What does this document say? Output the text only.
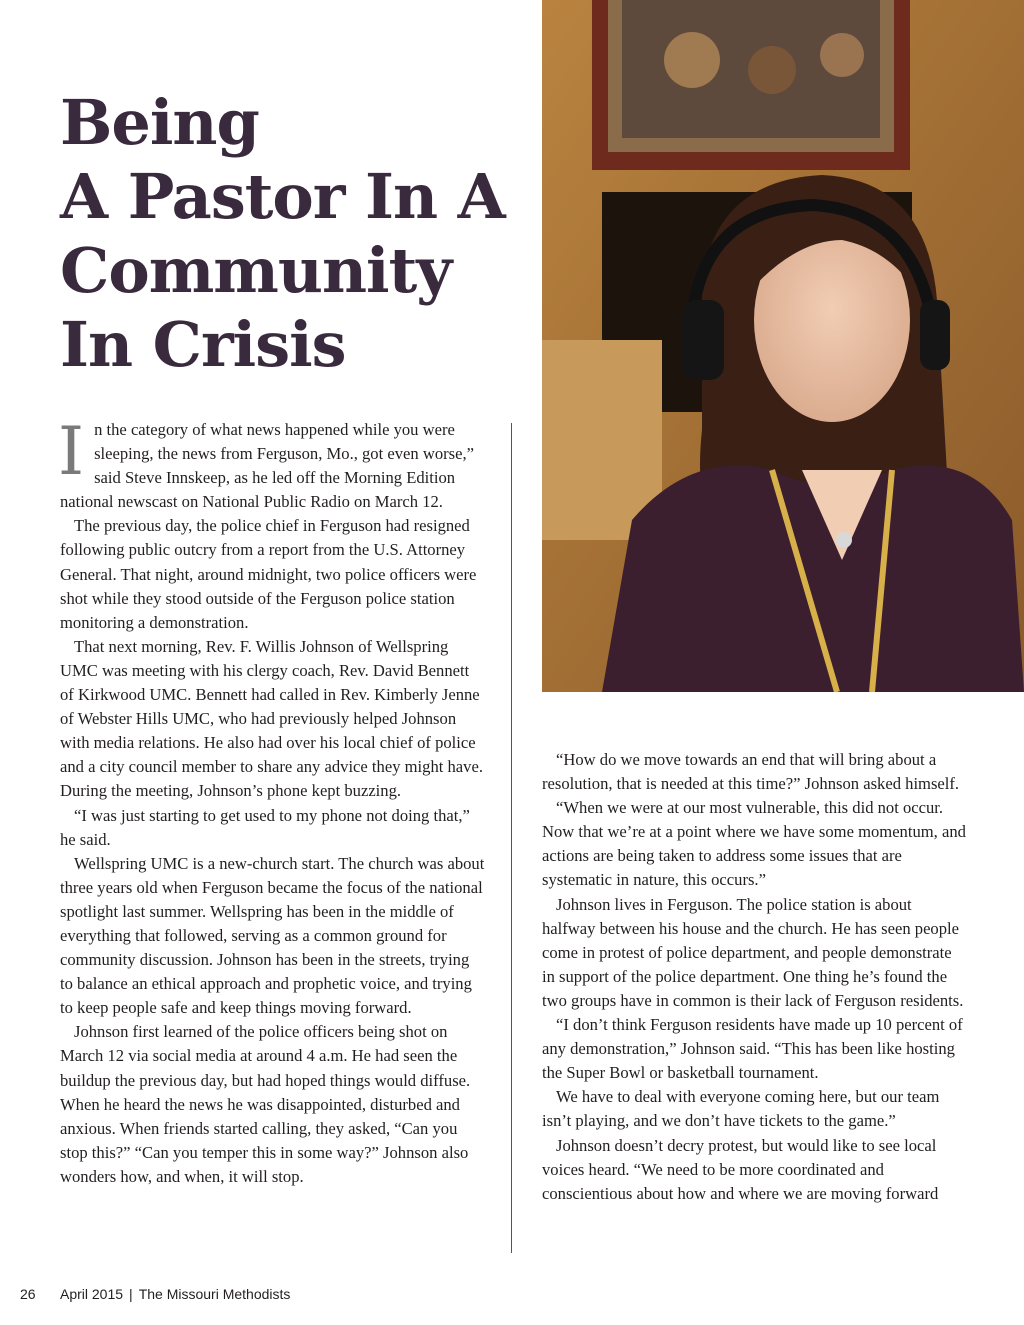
Being
A Pastor In A
Community
In Crisis

In the category of what news happened while you were sleeping, the news from Ferguson, Mo., got even worse,” said Steve Innskeep, as he led off the Morning Edition national newscast on National Public Radio on March 12.

The previous day, the police chief in Ferguson had resigned following public outcry from a report from the U.S. Attorney General. That night, around midnight, two police officers were shot while they stood outside of the Ferguson police station monitoring a demonstration.

That next morning, Rev. F. Willis Johnson of Wellspring UMC was meeting with his clergy coach, Rev. David Bennett of Kirkwood UMC. Bennett had called in Rev. Kimberly Jenne of Webster Hills UMC, who had previously helped Johnson with media relations. He also had over his local chief of police and a city council member to share any advice they might have. During the meeting, Johnson’s phone kept buzzing.

“I was just starting to get used to my phone not doing that,” he said.

Wellspring UMC is a new-church start. The church was about three years old when Ferguson became the focus of the national spotlight last summer. Wellspring has been in the middle of everything that followed, serving as a common ground for community discussion. Johnson has been in the streets, trying to balance an ethical approach and prophetic voice, and trying to keep people safe and keep things moving forward.

Johnson first learned of the police officers being shot on March 12 via social media at around 4 a.m. He had seen the buildup the previous day, but had hoped things would diffuse. When he heard the news he was disappointed, disturbed and anxious. When friends started calling, they asked, “Can you stop this?” “Can you temper this in some way?” Johnson also wonders how, and when, it will stop.

“How do we move towards an end that will bring about a resolution, that is needed at this time?” Johnson asked himself.

“When we were at our most vulnerable, this did not occur. Now that we’re at a point where we have some momentum, and actions are being taken to address some issues that are systematic in nature, this occurs.”

Johnson lives in Ferguson. The police station is about halfway between his house and the church. He has seen people come in protest of police department, and people demonstrate in support of the police department. One thing he’s found the two groups have in common is their lack of Ferguson residents.

“I don’t think Ferguson residents have made up 10 percent of any demonstration,” Johnson said. “This has been like hosting the Super Bowl or basketball tournament.

We have to deal with everyone coming here, but our team isn’t playing, and we don’t have tickets to the game.”

Johnson doesn’t decry protest, but would like to see local voices heard. “We need to be more coordinated and conscientious about how and where we are moving forward

26 April 2015 | The Missouri Methodists
